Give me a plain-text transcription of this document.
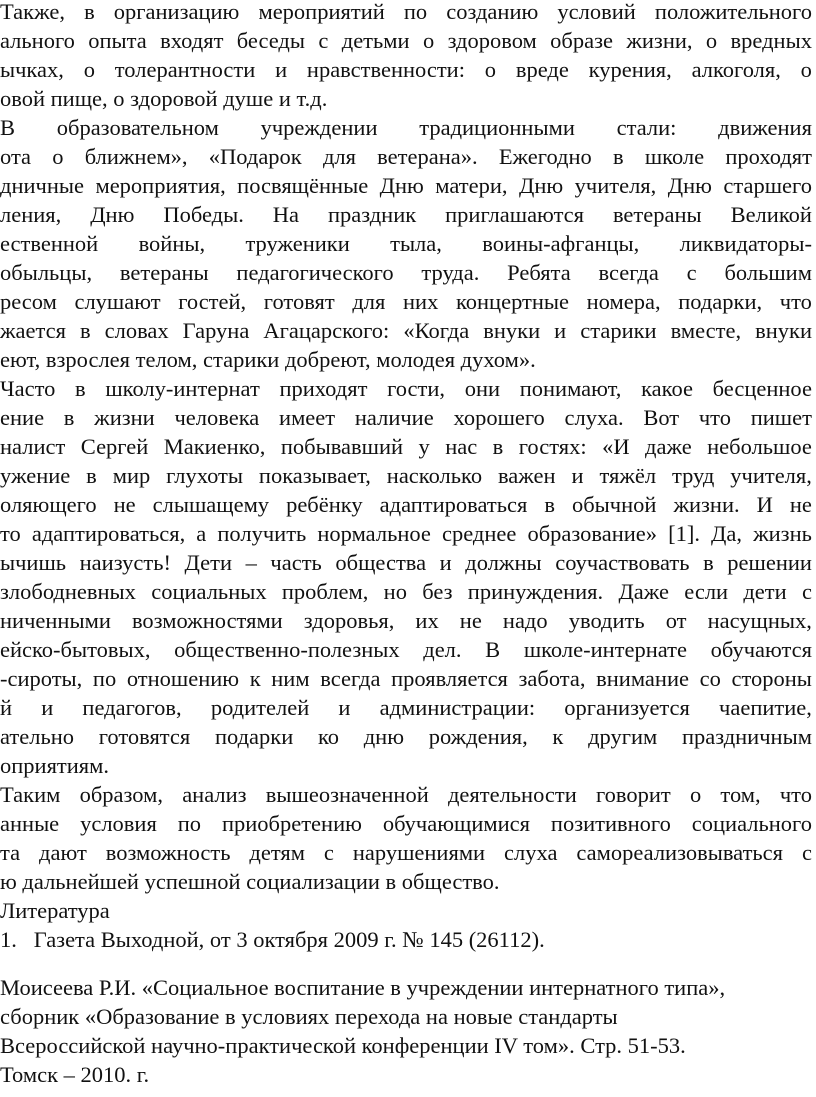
Также, в организацию мероприятий по созданию условий положительного
ального опыта входят беседы с детьми о здоровом образе жизни, о вредных
ычках, о толерантности и нравственности: о вреде курения, алкоголя, о
овой пище, о здоровой душе и т.д.
В образовательном учреждении традиционными стали: движения
ота о ближнем», «Подарок для ветерана». Ежегодно в школе проходят
дничные мероприятия, посвящённые Дню матери, Дню учителя, Дню старшего
ления, Дню Победы. На праздник приглашаются ветераны Великой
ественной войны, труженики тыла, воины-афганцы, ликвидаторы-
обыльцы, ветераны педагогического труда. Ребята всегда с большим
ресом слушают гостей, готовят для них концертные номера, подарки, что
жается в словах Гаруна Агацарского: «Когда внуки и старики вместе, внуки
еют, взрослея телом, старики добреют, молодея духом».
Часто в школу-интернат приходят гости, они понимают, какое бесценное
ение в жизни человека имеет наличие хорошего слуха. Вот что пишет
налист Сергей Макиенко, побывавший у нас в гостях: «И даже небольшое
ужение в мир глухоты показывает, насколько важен и тяжёл труд учителя,
оляющего не слышащему ребёнку адаптироваться в обычной жизни. И не
то адаптироваться, а получить нормальное среднее образование» [1]. Да, жизнь
ычишь наизусть! Дети – часть общества и должны соучаствовать в решении
злободневных социальных проблем, но без принуждения. Даже если дети с
ниченными возможностями здоровья, их не надо уводить от насущных,
ейско-бытовых, общественно-полезных дел. В школе-интернате обучаются
-сироты, по отношению к ним всегда проявляется забота, внимание со стороны
й и педагогов, родителей и администрации: организуется чаепитие,
ательно готовятся подарки ко дню рождения, к другим праздничным
оприятиям.
Таким образом, анализ вышеозначенной деятельности говорит о том, что
анные условия по приобретению обучающимися позитивного социального
та дают возможность детям с нарушениями слуха самореализовываться с
ю дальнейшей успешной социализации в общество.
Литература
1.   Газета Выходной, от 3 октября 2009 г. № 145 (26112).
Моисеева Р.И. «Социальное воспитание в учреждении интернатного типа»,
сборник «Образование в условиях перехода на новые стандарты
Всероссийской научно-практической конференции IV том». Стр. 51-53.
Томск – 2010. г.
